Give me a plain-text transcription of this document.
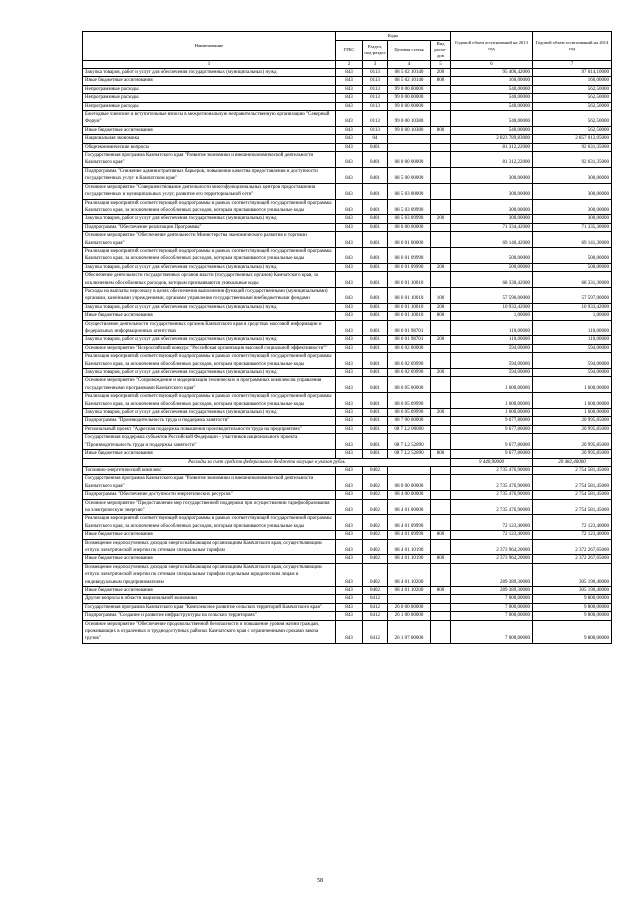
Наименование	Коды				Годовой объем ассигнований на 2013 год	Годовой объем ассигнований на 2014 год
	ГРБС	Раздел, под-раздел	Целевая статья	Вид расхо-дов		
1	2	3	4	5	6	7
Закупка товаров, работ и услуг для обеспечения государственных (муниципальных) нужд	843	0113	08 5 02 10140	200	95 406,42000	97 014,10000
Иные бюджетные ассигнования	843	0113	08 5 02 10140	800	160,00000	160,00000
Непрограммные расходы	843	0113	99 0 00 00000		540,00000	562,50000
Непрограммные расходы	843	0113	99 0 00 00000		540,00000	562,50000
Непрограммные расходы	843	0113	99 0 00 00000		540,00000	562,50000
Ежегодные членские и вступительные взносы в межрегиональную неправительственную организацию "Северный Форум"	843	0113	99 0 00 10380		540,00000	562,50000
Иные бюджетные ассигнования	843	0113	99 0 00 10380	800	540,00000	562,50000
Национальная экономика	843	04			2 823 789,83000	2 857 012,05000
Общеэкономические вопросы	843	0401			81 312,22000	92 631,35000
Государственная программа Камчатского края "Развитие экономики и внешнеэкономической деятельности Камчатского края"	843	0401	08 0 00 00000		81 312,22000	92 631,35000
Подпрограмма "Снижение административных барьеров, повышение качества предоставления и доступности государственных услуг в Камчатском крае"	843	0401	08 5 00 00000		300,00000	300,00000
Основное мероприятие "Совершенствование деятельности многофункциональных центров предоставления государственных и муниципальных услуг, развитие его территориальной сети"	843	0401	08 5 03 00000		300,00000	300,00000
Реализация мероприятий соответствующей подпрограммы в рамках соответствующей государственной программы Камчатского края, за исключением обособленных расходов, которым присваиваются уникальные коды	843	0401	08 5 03 09990		300,00000	300,00000
Закупка товаров, работ и услуг для обеспечения государственных (муниципальных) нужд	843	0401	08 5 03 09990	200	300,00000	300,00000
Подпрограмма "Обеспечение реализации Программы"	843	0401	08 6 00 00000		71 334,42000	71 335,30000
Основное мероприятие "Обеспечение деятельности Министерства экономического развития и торговли Камчатского края"	843	0401	08 6 01 00000		69 140,42000	69 141,30000
Реализация мероприятий соответствующей подпрограммы в рамках соответствующей государственной программы Камчатского края, за исключением обособленных расходов, которым присваиваются уникальные коды	843	0401	08 6 01 09990		500,00000	500,00000
Закупка товаров, работ и услуг для обеспечения государственных (муниципальных) нужд	843	0401	08 6 01 09990	200	500,00000	500,00000
Обеспечение деятельности государственных органов власти (государственных органов) Камчатского края, за исключением обособленных расходов, которым присваиваются уникальные коды	843	0401	08 6 01 10010		68 330,42000	68 331,30000
Расходы на выплаты персоналу в целях обеспечения выполнения функций государственными (муниципальными) органами, казенными учреждениями, органами управления государственными внебюджетными фондами	843	0401	08 6 01 10010	100	57 596,00000	57 597,00000
Закупка товаров, работ и услуг для обеспечения государственных (муниципальных) нужд	843	0401	08 6 01 10010	200	10 933,42000	10 933,42000
Иные бюджетные ассигнования	843	0401	08 6 01 10010	800	1,00000	1,00000
Осуществление деятельности государственных органов Камчатского края в средствах массовой информации и федеральных информационных агентствах	843	0401	08 6 01 98701		110,00000	110,00000
Закупка товаров, работ и услуг для обеспечения государственных (муниципальных) нужд	843	0401	08 6 01 98701	200	110,00000	110,00000
Основное мероприятие "Всероссийский конкурс "Российская организация высокой социальной эффективности""	843	0401	08 6 02 00000		594,00000	594,00000
Реализация мероприятий соответствующей подпрограммы в рамках соответствующей государственной программы Камчатского края, за исключением обособленных расходов, которым присваиваются уникальные коды	843	0401	08 6 02 09990		594,00000	594,00000
Закупка товаров, работ и услуг для обеспечения государственных (муниципальных) нужд	843	0401	08 6 02 09990	200	594,00000	594,00000
Основное мероприятие "Сопровождение и модернизация технических и программных комплексов управления государственными программами Камчатского края"	843	0401	08 6 05 00000		1 600,00000	1 600,00000
Реализация мероприятий соответствующей подпрограммы в рамках соответствующей государственной программы Камчатского края, за исключением обособленных расходов, которым присваиваются уникальные коды	843	0401	08 6 05 09990		1 600,00000	1 600,00000
Закупка товаров, работ и услуг для обеспечения государственных (муниципальных) нужд	843	0401	08 6 05 09990	200	1 600,00000	1 600,00000
Подпрограмма "Производительность труда и поддержка занятости"	843	0401	08 7 00 00000		9 677,80000	20 995,85000
Региональный проект "Адресная поддержка повышения производительности труда на предприятиях"	843	0401	08 7 L2 00000		9 677,80000	20 995,85000
Государственная поддержка субъектов Российской Федерации - участников национального проекта "Производительность труда и поддержка занятости"	843	0401	08 7 L2 52890		9 677,80000	20 995,85000
Иные бюджетные ассигнования	843	0401	08 7 L2 52890	800	9 677,80000	20 995,85000
Расходы за счет средств федерального бюджета вхгущие в указан рубль					9 440,90000	20 482,40000
Топливно-энергетический комплекс	843	0402			2 735 476,90000	2 754 581,45000
Государственная программа Камчатского края "Развитие экономики и внешнеэкономической деятельности Камчатского края"	843	0402	08 0 00 00000		2 735 476,90000	2 754 581,45000
Подпрограмма "Обеспечение доступности энергетических ресурсов"	843	0402	08 4 00 00000		2 735 476,90000	2 754 581,45000
Основное мероприятие "Предоставление мер государственной поддержки при осуществлении тарифообразования на электрическую энергию"	843	0402	08 4 01 00000		2 735 476,90000	2 754 581,45000
Реализация мероприятий соответствующей подпрограммы в рамках соответствующей государственной программы Камчатского края, за исключением обособленных расходов, которым присваиваются уникальные коды	843	0402	08 4 01 09990		72 123,40000	72 123,40000
Иные бюджетные ассигнования	843	0402	08 4 01 09990	800	72 123,40000	72 123,40000
Возмещение недополученных доходов энергоснабжающим организациям Камчатского края, осуществляющим отпуск электрической энергии по сетевым специальным тарифам	843	0402	08 4 01 10190		2 373 964,20000	2 372 267,65000
Иные бюджетные ассигнования	843	0402	08 4 01 10190	800	2 373 964,20000	2 372 267,65000
Возмещение недополученных доходов энергоснабжающим организациям Камчатского края, осуществляющим отпуск электрической энергии по сетевым специальным тарифам отдельным юридическим лицам и индивидуальным предпринимателям	843	0402	08 4 01 10200		289 389,30000	305 190,40000
Иные бюджетные ассигнования	843	0402	08 4 01 10200	800	289 389,30000	305 190,40000
Другие вопросы в области национальной экономики	843	0412			7 000,00000	9 800,00000
Государственная программа Камчатского края "Комплексное развитие сельских территорий Камчатского края"	843	0412	26 0 00 00000		7 000,00000	9 800,00000
Подпрограмма "Создание и развитие инфраструктуры на сельских территориях"	843	0412	26 1 00 00000		7 000,00000	9 800,00000
Основное мероприятие "Обеспечение продовольственной безопасности и повышение уровня жизни граждан, проживающих в отдаленных и труднодоступных районах Камчатского края с ограниченными сроками завоза грузов"	843	0412	26 1 07 00000		7 000,00000	9 800,00000
58
